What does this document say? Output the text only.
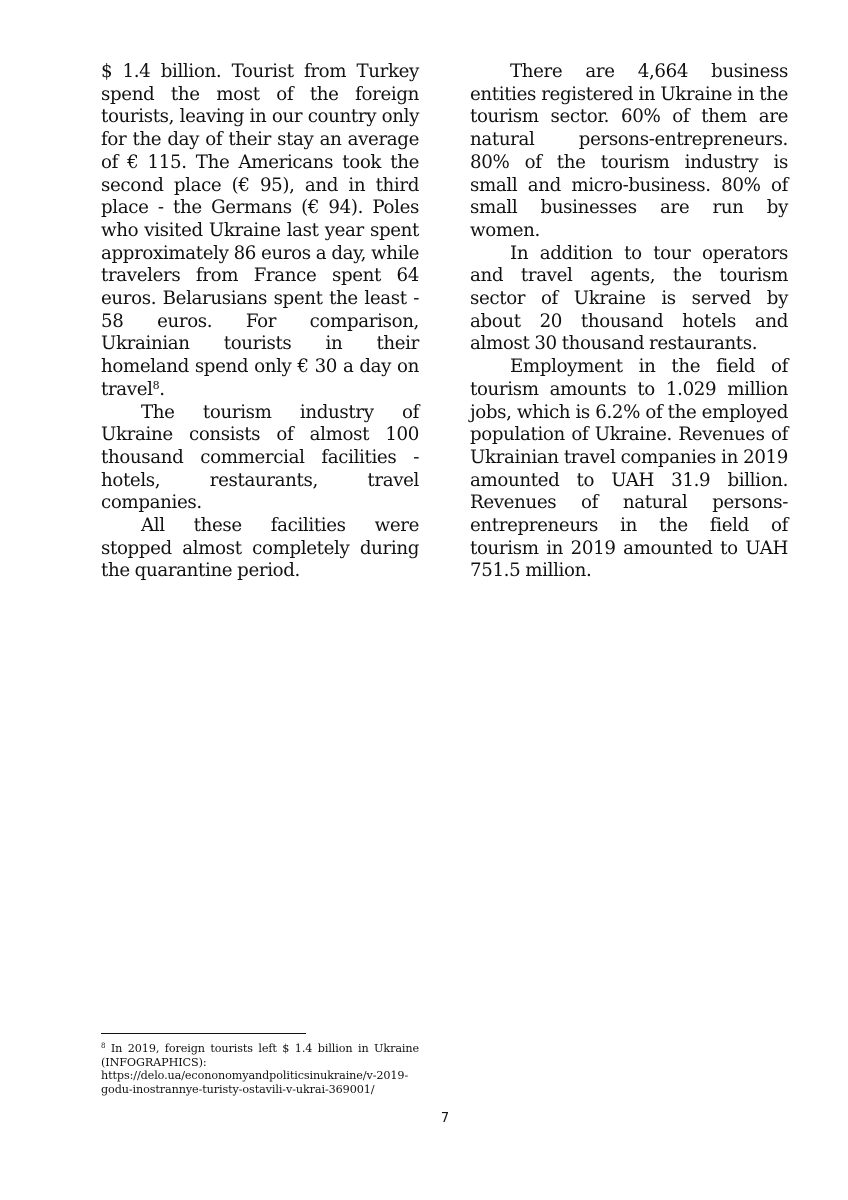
$ 1.4 billion. Tourist from Turkey spend the most of the foreign tourists, leaving in our country only for the day of their stay an average of € 115. The Americans took the second place (€ 95), and in third place - the Germans (€ 94). Poles who visited Ukraine last year spent approximately 86 euros a day, while travelers from France spent 64 euros. Belarusians spent the least - 58 euros. For comparison, Ukrainian tourists in their homeland spend only € 30 a day on travel$^8$.

The tourism industry of Ukraine consists of almost 100 thousand commercial facilities - hotels, restaurants, travel companies.

All these facilities were stopped almost completely during the quarantine period.

There are 4,664 business entities registered in Ukraine in the tourism sector. 60% of them are natural persons-entrepreneurs. 80% of the tourism industry is small and micro-business. 80% of small businesses are run by women.

In addition to tour operators and travel agents, the tourism sector of Ukraine is served by about 20 thousand hotels and almost 30 thousand restaurants.

Employment in the field of tourism amounts to 1.029 million jobs, which is 6.2% of the employed population of Ukraine. Revenues of Ukrainian travel companies in 2019 amounted to UAH 31.9 billion. Revenues of natural persons-entrepreneurs in the field of tourism in 2019 amounted to UAH 751.5 million.

$^8$ In 2019, foreign tourists left $ 1.4 billion in Ukraine (INFOGRAPHICS):
https://delo.ua/econonomyandpoliticsinukraine/v-2019-
godu-inostrannye-turisty-ostavili-v-ukrai-369001/
7
